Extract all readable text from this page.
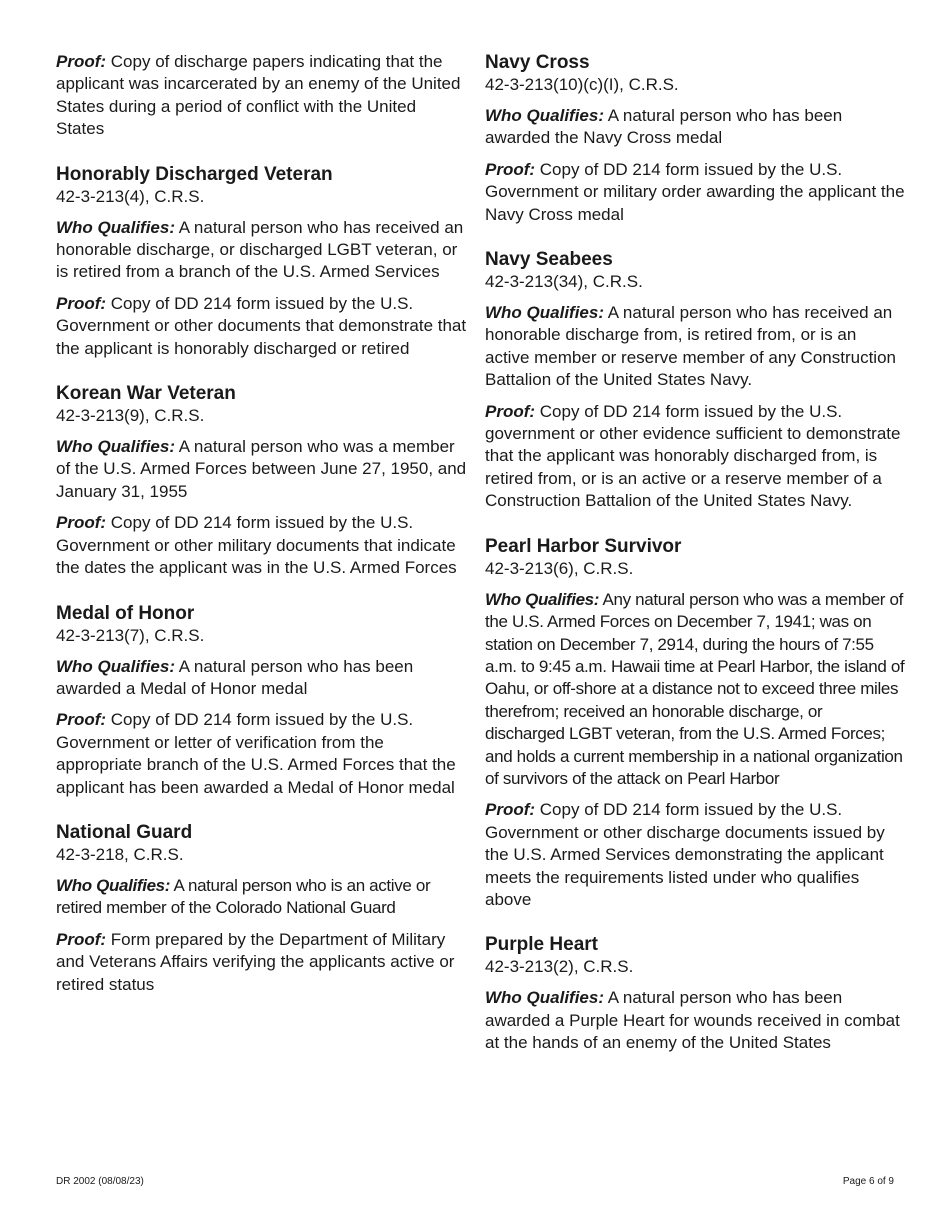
Proof: Copy of discharge papers indicating that the applicant was incarcerated by an enemy of the United States during a period of conflict with the United States

Honorably Discharged Veteran

42-3-213(4), C.R.S.

Who Qualifies: A natural person who has received an honorable discharge, or discharged LGBT veteran, or is retired from a branch of the U.S. Armed Services

Proof: Copy of DD 214 form issued by the U.S. Government or other documents that demonstrate that the applicant is honorably discharged or retired

Korean War Veteran

42-3-213(9), C.R.S.

Who Qualifies: A natural person who was a member of the U.S. Armed Forces between June 27, 1950, and January 31, 1955

Proof: Copy of DD 214 form issued by the U.S. Government or other military documents that indicate the dates the applicant was in the U.S. Armed Forces

Medal of Honor

42-3-213(7), C.R.S.

Who Qualifies: A natural person who has been awarded a Medal of Honor medal

Proof: Copy of DD 214 form issued by the U.S. Government or letter of verification from the appropriate branch of the U.S. Armed Forces that the applicant has been awarded a Medal of Honor medal

National Guard

42-3-218, C.R.S.

Who Qualifies: A natural person who is an active or retired member of the Colorado National Guard

Proof: Form prepared by the Department of Military and Veterans Affairs verifying the applicants active or retired status

Navy Cross

42-3-213(10)(c)(I), C.R.S.

Who Qualifies: A natural person who has been awarded the Navy Cross medal

Proof: Copy of DD 214 form issued by the U.S. Government or military order awarding the applicant the Navy Cross medal

Navy Seabees

42-3-213(34), C.R.S.

Who Qualifies: A natural person who has received an honorable discharge from, is retired from, or is an active member or reserve member of any Construction Battalion of the United States Navy.

Proof: Copy of DD 214 form issued by the U.S. government or other evidence sufficient to demonstrate that the applicant was honorably discharged from, is retired from, or is an active or a reserve member of a Construction Battalion of the United States Navy.

Pearl Harbor Survivor

42-3-213(6), C.R.S.

Who Qualifies: Any natural person who was a member of the U.S. Armed Forces on December 7, 1941; was on station on December 7, 2914, during the hours of 7:55 a.m. to 9:45 a.m. Hawaii time at Pearl Harbor, the island of Oahu, or off-shore at a distance not to exceed three miles therefrom; received an honorable discharge, or discharged LGBT veteran, from the U.S. Armed Forces; and holds a current membership in a national organization of survivors of the attack on Pearl Harbor

Proof: Copy of DD 214 form issued by the U.S. Government or other discharge documents issued by the U.S. Armed Services demonstrating the applicant meets the requirements listed under who qualifies above

Purple Heart

42-3-213(2), C.R.S.

Who Qualifies: A natural person who has been awarded a Purple Heart for wounds received in combat at the hands of an enemy of the United States

DR 2002 (08/08/23)	Page 6 of 9
